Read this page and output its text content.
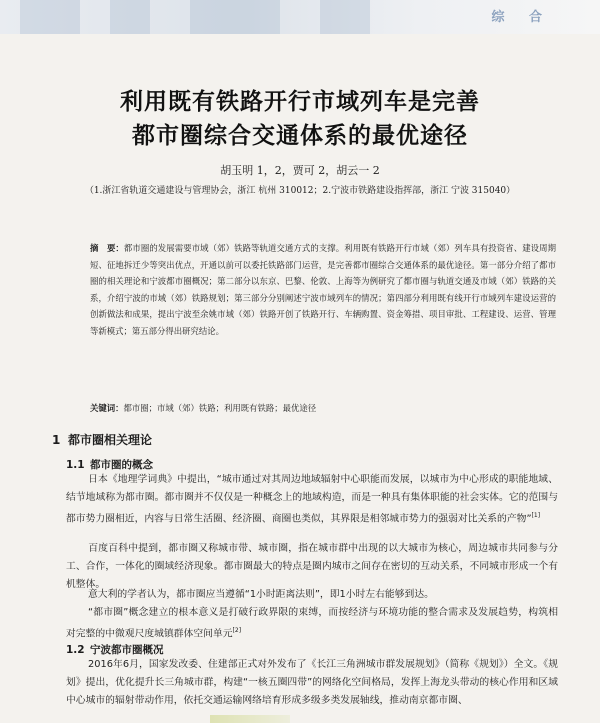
综 合
利用既有铁路开行市域列车是完善
都市圈综合交通体系的最优途径
胡玉明 1，2，贾可 2，胡云一 2
（1.浙江省轨道交通建设与管理协会，浙江 杭州 310012；2.宁波市铁路建设指挥部，浙江 宁波 315040）
摘　要：都市圈的发展需要市域（郊）铁路等轨道交通方式的支撑。利用既有铁路开行市域（郊）列车具有投资省、建设周期短、征地拆迁少等突出优点，开通以前可以委托铁路部门运营，是完善都市圈综合交通体系的最优途径。第一部分介绍了都市圈的相关理论和宁波都市圈概况；第二部分以东京、巴黎、伦敦、上海等为例研究了都市圈与轨道交通及市域（郊）铁路的关系，介绍宁波的市域（郊）铁路规划；第三部分分别阐述宁波市域列车的情况；第四部分利用既有线开行市域列车建设运营的创新做法和成果，提出宁波至余姚市域（郊）铁路开创了铁路开行、车辆购置、资金筹措、项目审批、工程建设、运营、管理等新模式；第五部分得出研究结论。
关键词：都市圈；市域（郊）铁路；利用既有铁路；最优途径
1 都市圈相关理论
1.1 都市圈的概念
日本《地理学词典》中提出，“城市通过对其周边地域辐射中心职能而发展，以城市为中心形成的职能地域、结节地域称为都市圈。都市圈并不仅仅是一种概念上的地域构造，而是一种具有集体职能的社会实体。它的范围与都市势力圈相近，内容与日常生活圈、经济圈、商圈也类似，其界限是相邻城市势力的强弱对比关系的产物”[1]
百度百科中提到，都市圈又称城市带、城市圈，指在城市群中出现的以大城市为核心，周边城市共同参与分工、合作，一体化的圈域经济现象。都市圈最大的特点是圈内城市之间存在密切的互动关系，不同城市形成一个有机整体。
意大利的学者认为，都市圈应当遵循“1小时距离法则”，即1小时左右能够到达。
“都市圈”概念建立的根本意义是打破行政界限的束缚，而按经济与环境功能的整合需求及发展趋势，构筑相对完整的中微观尺度城镇群体空间单元[2]
1.2 宁波都市圈概况
2016年6月，国家发改委、住建部正式对外发布了《长江三角洲城市群发展规划》（简称《规划》）全文。《规划》提出，优化提升长三角城市群，构建“一核五圈四带”的网络化空间格局，发挥上海龙头带动的核心作用和区域中心城市的辐射带动作用，依托交通运输网络培育形成多级多类发展轴线，推动南京都市圈、
